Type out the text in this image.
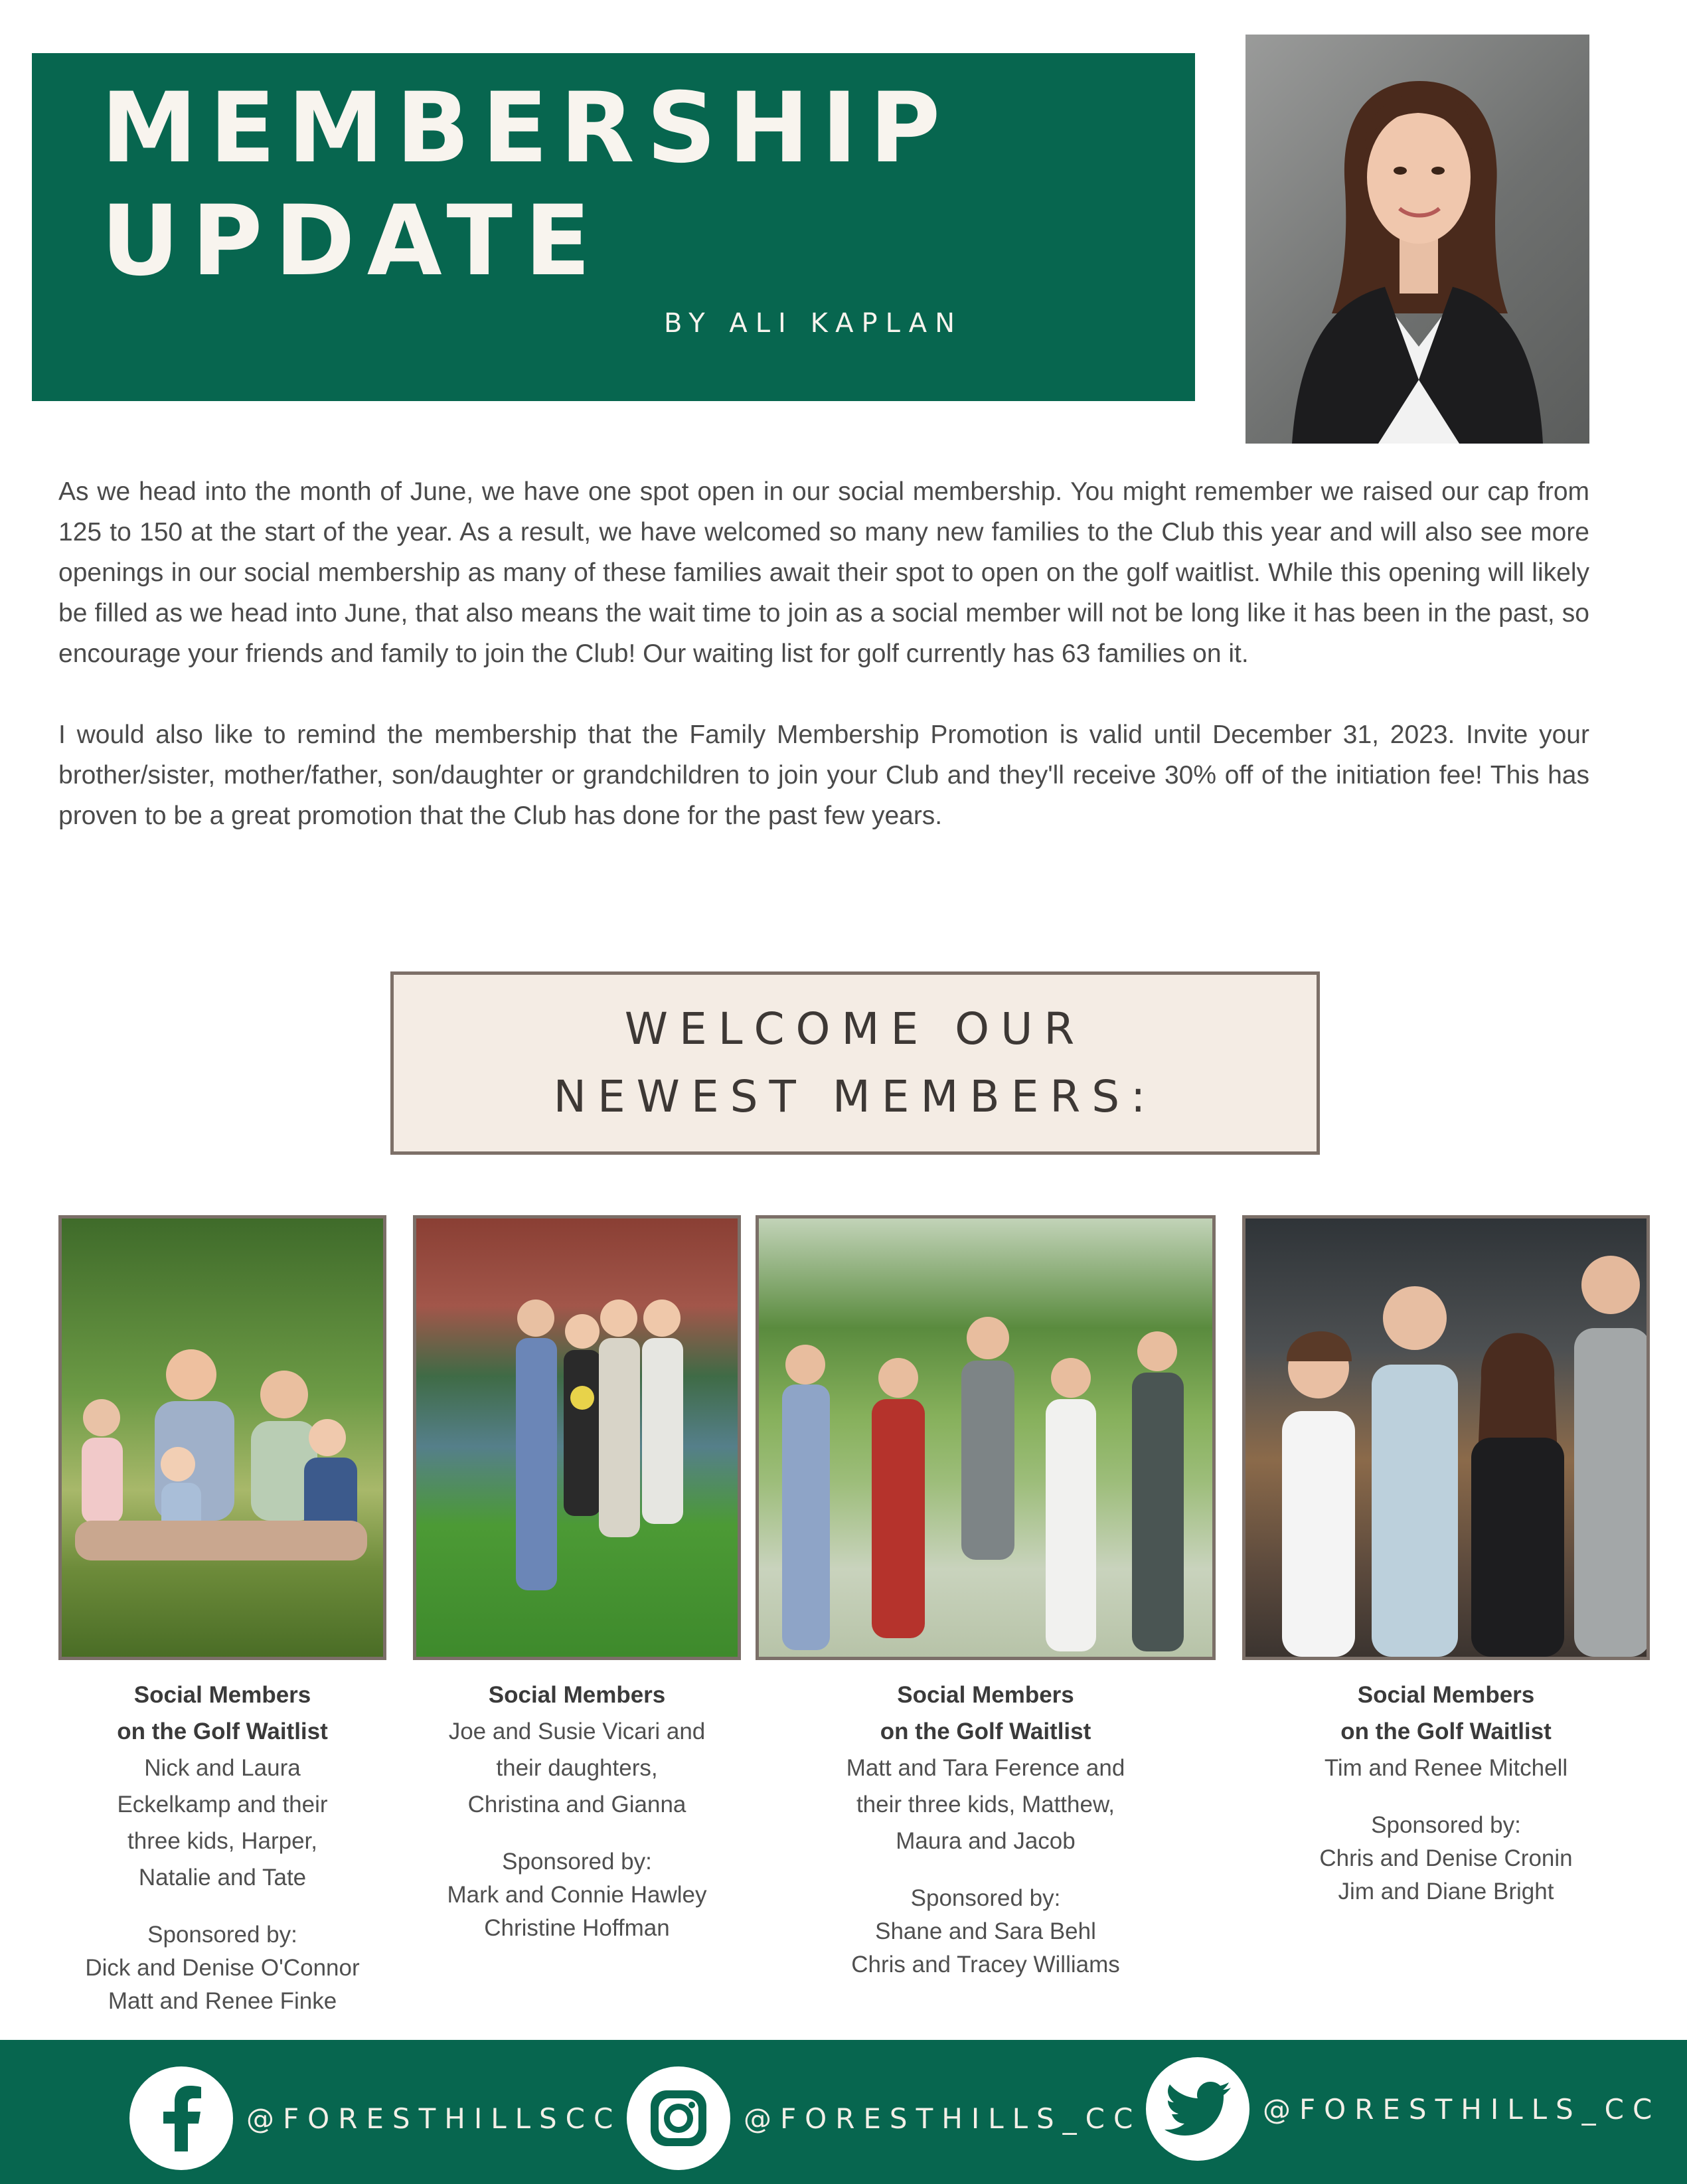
MEMBERSHIP
UPDATE
BY ALI KAPLAN

As we head into the month of June, we have one spot open in our social membership. You might remember we raised our cap from 125 to 150 at the start of the year. As a result, we have welcomed so many new families to the Club this year and will also see more openings in our social membership as many of these families await their spot to open on the golf waitlist. While this opening will likely be filled as we head into June, that also means the wait time to join as a social member will not be long like it has been in the past, so encourage your friends and family to join the Club! Our waiting list for golf currently has 63 families on it.

I would also like to remind the membership that the Family Membership Promotion is valid until December 31, 2023. Invite your brother/sister, mother/father, son/daughter or grandchildren to join your Club and they'll receive 30% off of the initiation fee! This has proven to be a great promotion that the Club has done for the past few years.

WELCOME OUR
NEWEST MEMBERS:
Social Members
on the Golf Waitlist
Nick and Laura
Eckelkamp and their
three kids, Harper,
Natalie and Tate
Sponsored by:
Dick and Denise O'Connor
Matt and Renee Finke
Social Members
Joe and Susie Vicari and
their daughters,
Christina and Gianna
Sponsored by:
Mark and Connie Hawley
Christine Hoffman
Social Members
on the Golf Waitlist
Matt and Tara Ference and
their three kids, Matthew,
Maura and Jacob
Sponsored by:
Shane and Sara Behl
Chris and Tracey Williams
Social Members
on the Golf Waitlist
Tim and Renee Mitchell
Sponsored by:
Chris and Denise Cronin
Jim and Diane Bright
@FORESTHILLSCC	@FORESTHILLS_CC	@FORESTHILLS_CC
